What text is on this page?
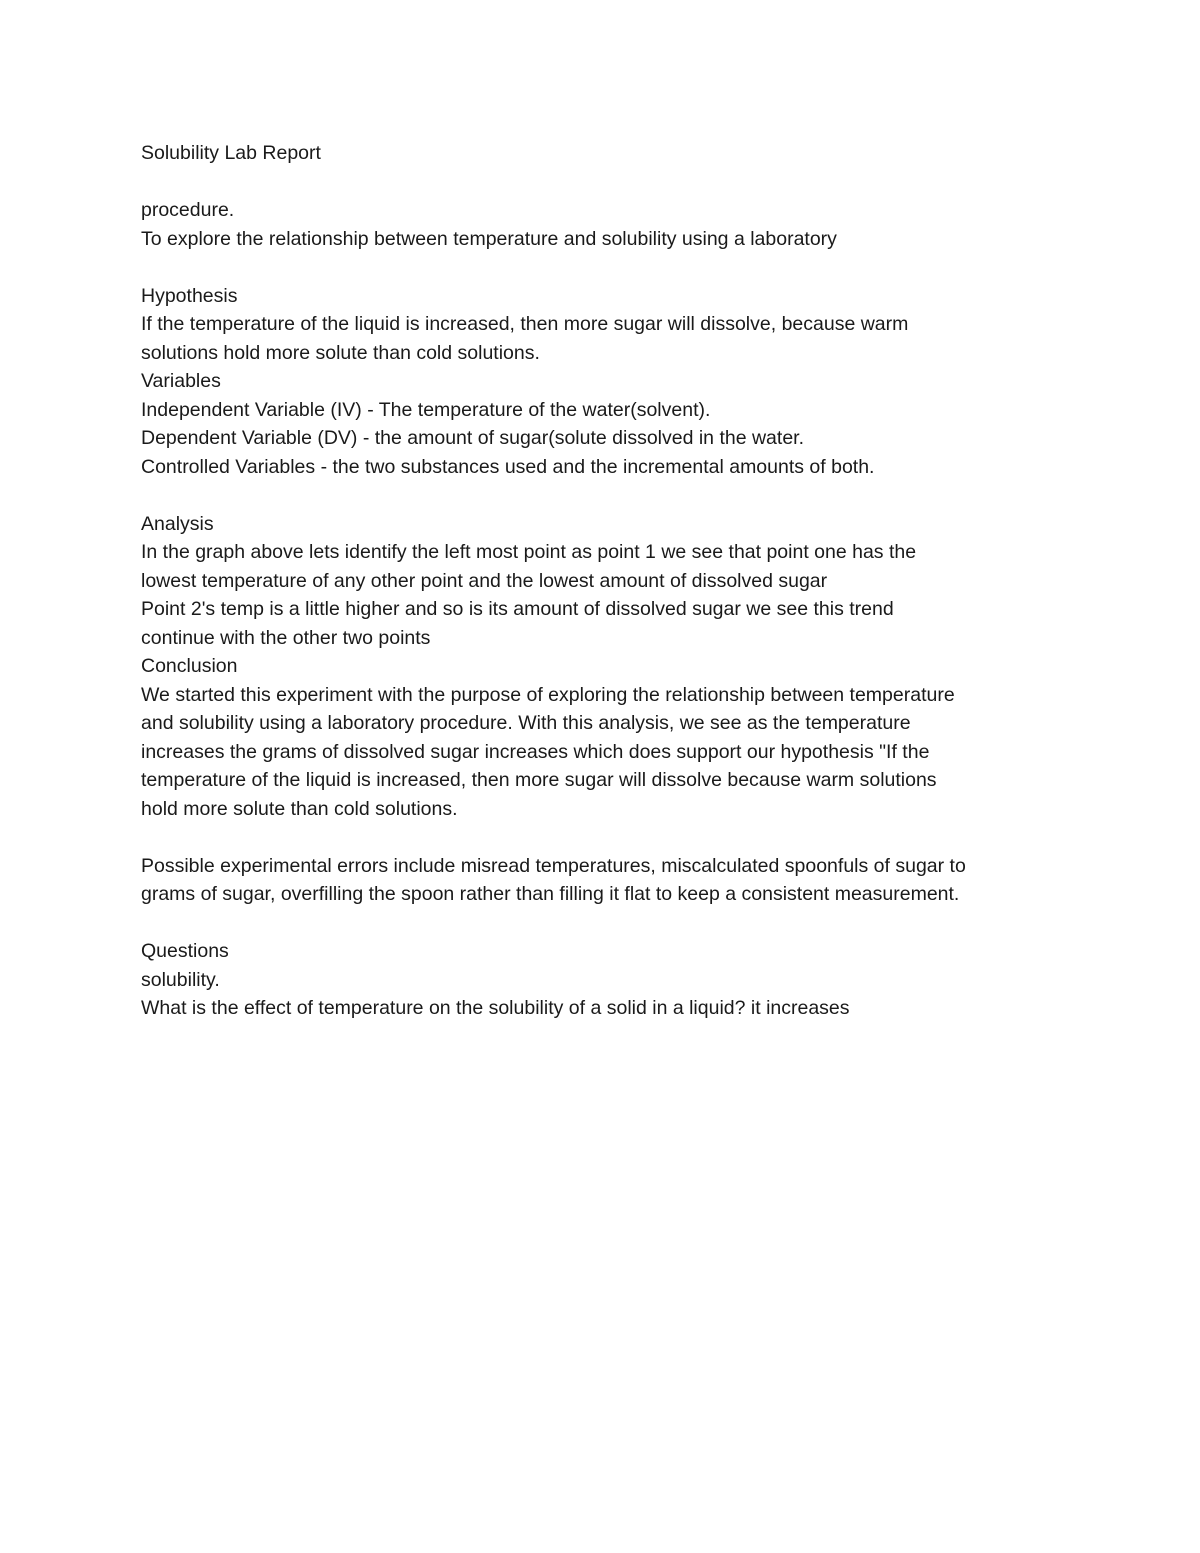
Solubility Lab Report
procedure.
To explore the relationship between temperature and solubility using a laboratory
Hypothesis
If the temperature of the liquid is increased, then more sugar will dissolve, because warm
solutions hold more solute than cold solutions.
Variables
Independent Variable (IV) - The temperature of the water(solvent).
Dependent Variable (DV) - the amount of sugar(solute dissolved in the water.
Controlled Variables - the two substances used and the incremental amounts of both.
Analysis
In the graph above lets identify the left most point as point 1 we see that point one has the
lowest temperature of any other point and the lowest amount of dissolved sugar
Point 2's temp is a little higher and so is its amount of dissolved sugar we see this trend
continue with the other two points
Conclusion
We started this experiment with the purpose of exploring the relationship between temperature
and solubility using a laboratory procedure. With this analysis, we see as the temperature
increases the grams of dissolved sugar increases which does support our hypothesis "If the
temperature of the liquid is increased, then more sugar will dissolve because warm solutions
hold more solute than cold solutions.
Possible experimental errors include misread temperatures, miscalculated spoonfuls of sugar to
grams of sugar, overfilling the spoon rather than filling it flat to keep a consistent measurement.
Questions
solubility.
What is the effect of temperature on the solubility of a solid in a liquid? it increases
